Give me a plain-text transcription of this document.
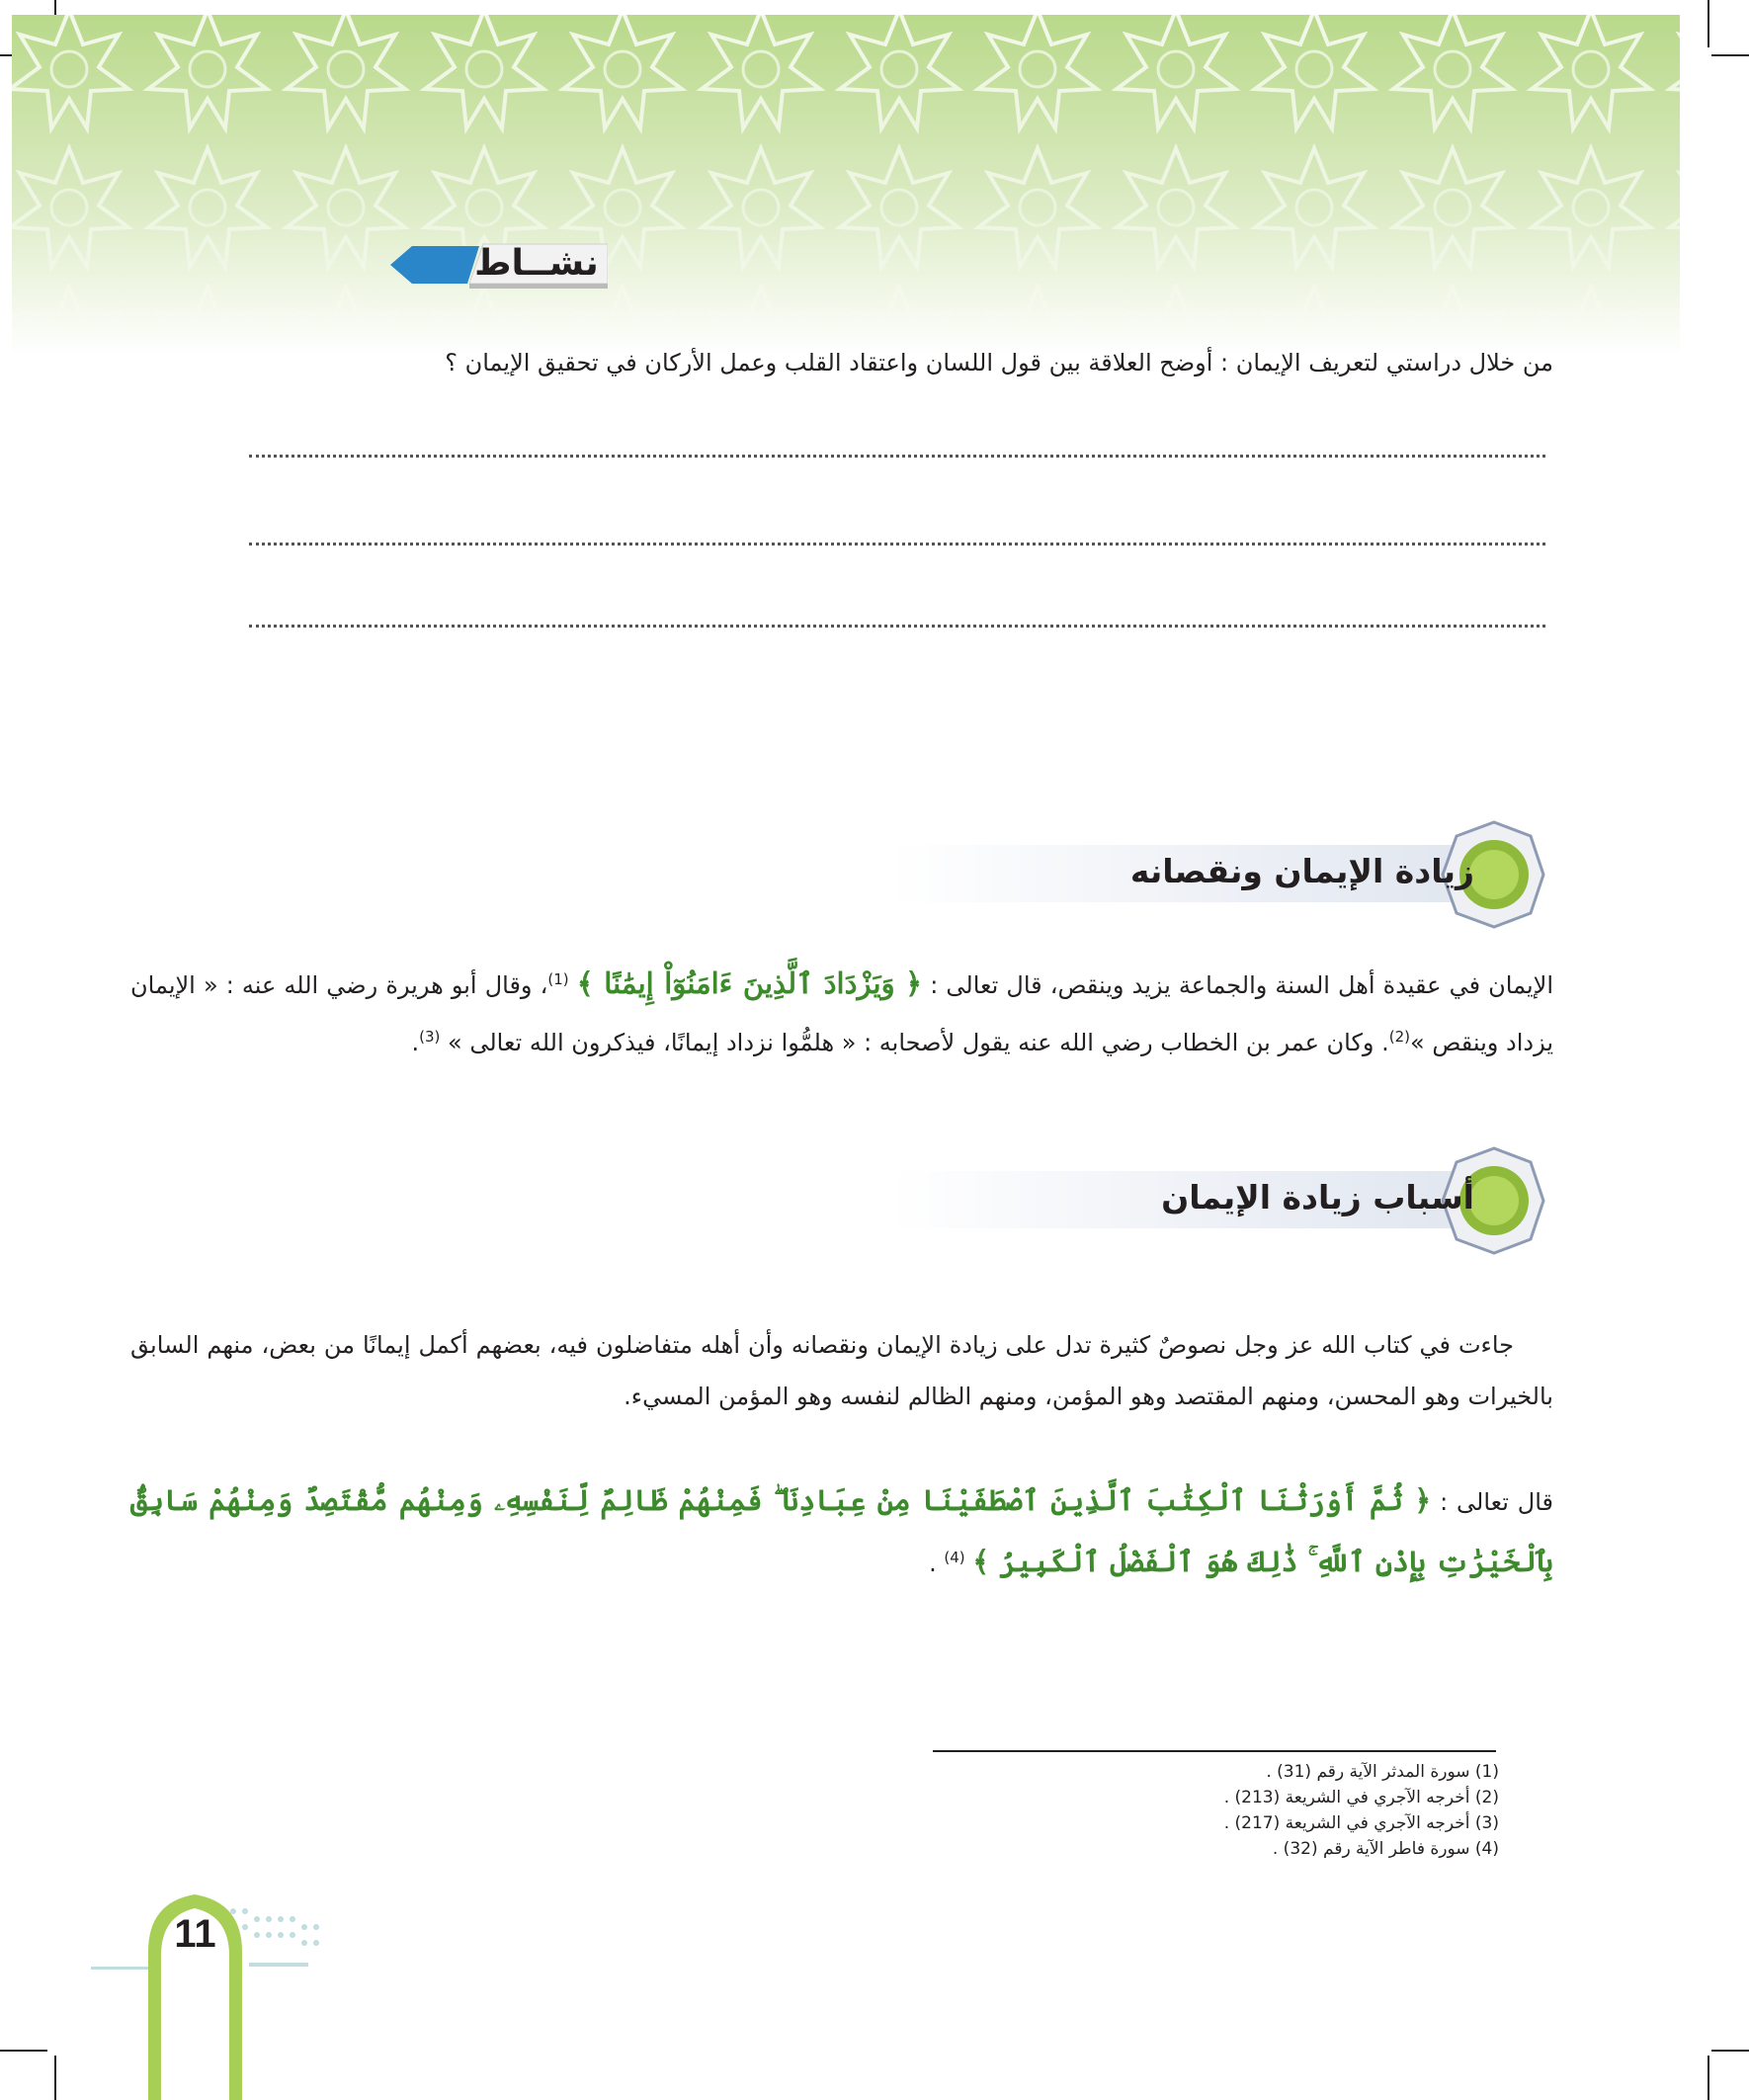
نشــاط
من خلال دراستي لتعريف الإيمان : أوضح العلاقة بين قول اللسان واعتقاد القلب وعمل الأركان في تحقيق الإيمان ؟
زيادة الإيمان ونقصانه
الإيمان في عقيدة أهل السنة والجماعة يزيد وينقص، قال تعالى : ﴿ وَيَزْدَادَ ٱلَّذِينَ ءَامَنُوٓاْ إِيمَٰنًا ﴾ $^{(1)}$، وقال أبو هريرة رضي الله عنه : « الإيمان يزداد وينقص »$^{(2)}$. وكان عمر بن الخطاب رضي الله عنه يقول لأصحابه : « هلمُّوا نزداد إيمانًا، فيذكرون الله تعالى » $^{(3)}$.
أسباب زيادة الإيمان
جاءت في كتاب الله عز وجل نصوصٌ كثيرة تدل على زيادة الإيمان ونقصانه وأن أهله متفاضلون فيه، بعضهم أكمل إيمانًا من بعض، منهم السابق بالخيرات وهو المحسن، ومنهم المقتصد وهو المؤمن، ومنهم الظالم لنفسه وهو المؤمن المسيء.
قال تعالى : ﴿ ثُمَّ أَوْرَثْنَا ٱلْكِتَٰبَ ٱلَّذِينَ ٱصْطَفَيْنَا مِنْ عِبَادِنَا ۖ فَمِنْهُمْ ظَالِمٌ لِّنَفْسِهِۦ وَمِنْهُم مُّقْتَصِدٌ وَمِنْهُمْ سَابِقٌۢ بِٱلْخَيْرَٰتِ بِإِذْنِ ٱللَّهِ ۚ ذَٰلِكَ هُوَ ٱلْفَضْلُ ٱلْكَبِيرُ ﴾ $^{(4)}$ .
(1) سورة المدثر الآية رقم (31) .
(2) أخرجه الآجري في الشريعة (213) .
(3) أخرجه الآجري في الشريعة (217) .
(4) سورة فاطر الآية رقم (32) .
11
